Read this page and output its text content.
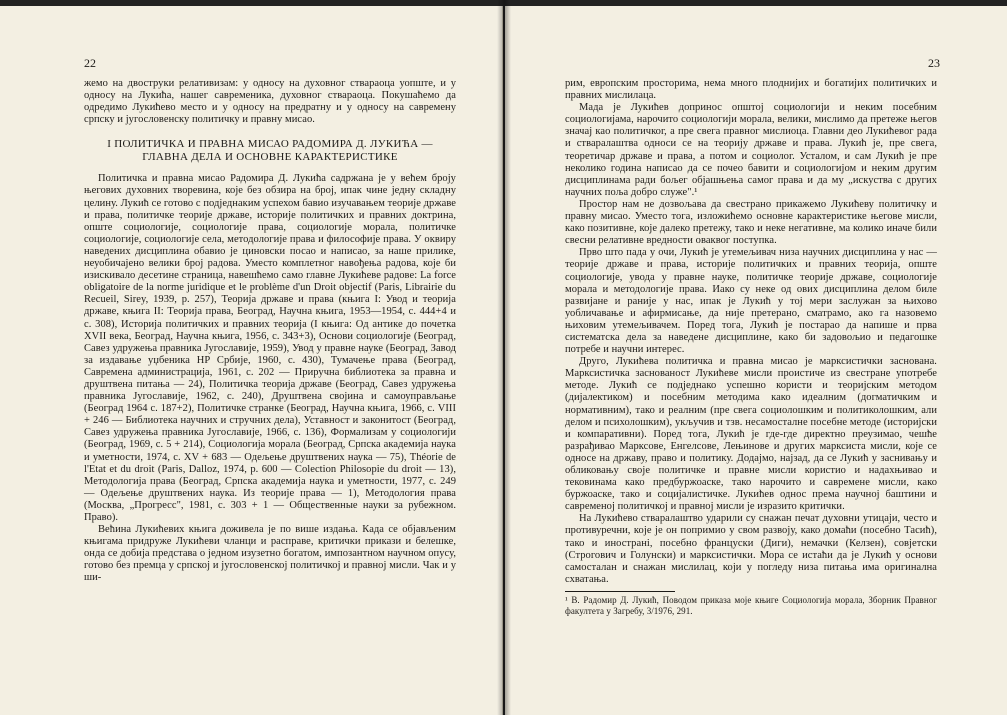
22

жемо на двоструки релативизам: у односу на духовног ствараоца уопште, и у односу на Лукића, нашег савременика, духовног ствараоца. Покушаћемо да одредимо Лукићево место и у односу на предратну и у односу на савремену српску и југословенску политичку и правну мисао.

I ПОЛИТИЧКА И ПРАВНА МИСАО РАДОМИРА Д. ЛУКИЋА —
ГЛАВНА ДЕЛА И ОСНОВНЕ КАРАКТЕРИСТИКЕ

Политичка и правна мисао Радомира Д. Лукића садржана је у већем броју његових духовних творевина, које без обзира на број, ипак чине једну складну целину. Лукић се готово с подједнаким успехом бавио изучавањем теорије државе и права, политичке теорије државе, историје политичких и правних доктрина, опште социологије, социологије права, социологије морала, политичке социологије, социологије села, методологије права и философије права. У оквиру наведених дисциплина обавио је циновски посао и написао, за наше прилике, неуобичајено велики број радова. Уместо комплетног навођења радова, које би изискивало десетине страница, навешћемо само главне Лукићеве радове: La force obligatoire de la norme juridique et le problème d'un Droit objectif (Paris, Librairie du Recueil, Sirey, 1939, p. 257), Теорија државе и права (књига I: Увод и теорија државе, књига II: Теорија права, Београд, Научна књига, 1953—1954, с. 444+4 и с. 308), Историја политичких и правних теорија (I књига: Од антике до почетка XVII века, Београд, Научна књига, 1956, с. 343+3), Основи социологије (Београд, Савез удружења правника Југославије, 1959), Увод у правне науке (Београд, Завод за издавање уџбеника НР Србије, 1960, с. 430), Тумачење права (Београд, Савремена администрација, 1961, с. 202 — Приручна библиотека за правна и друштвена питања — 24), Политичка теорија државе (Београд, Савез удружења правника Југославије, 1962, с. 240), Друштвена својина и самоуправљање (Београд 1964 с. 187+2), Политичке странке (Београд, Научна књига, 1966, с. VIII + 246 — Библиотека научних и стручних дела), Уставност и законитост (Београд, Савез удружења правника Југославије, 1966, с. 136), Формализам у социологији (Београд, 1969, с. 5 + 214), Социологија морала (Београд, Српска академија наука и уметности, 1974, с. XV + 683 — Одељење друштвених наука — 75), Théorie de l'Etat et du droit (Paris, Dalloz, 1974, p. 600 — Colection Philosopie du droit — 13), Методологија права (Београд, Српска академија наука и уметности, 1977, с. 249 — Одељење друштвених наука. Из теорије права — 1), Методология права (Москва, „Прогресс", 1981, с. 303 + 1 — Общественные науки за рубежном. Право).

Већина Лукићевих књига доживела је по више издања. Када се објављеним књигама придруже Лукићеви чланци и расправе, критички прикази и белешке, онда се добија представа о једном изузетно богатом, импозантном научном опусу, готово без премца у српској и југословенској политичкој и правној мисли. Чак и у ши-

23

рим, европским просторима, нема много плоднијих и богатијих политичких и правних мислилаца.

Мада је Лукићев допринос општој социологији и неким посебним социологијама, нарочито социологији морала, велики, мислимо да претеже његов значај као политичког, а пре свега правног мислиоца. Главни део Лукићевог рада и стваралаштва односи се на теорију државе и права. Лукић је, пре свега, теоретичар државе и права, а потом и социолог. Усталом, и сам Лукић је пре неколико година написао да се почео бавити и социологијом и неким другим дисциплинама ради бољег објашњења самог права и да му „искуства с других научних поља добро служе".¹

Простор нам не дозвољава да свестрано прикажемо Лукићеву политичку и правну мисао. Уместо тога, изложићемо основне карактеристике његове мисли, како позитивне, које далеко претежу, тако и неке негативне, ма колико иначе били свесни релативне вредности оваквог поступка.

Прво што пада у очи, Лукић је утемељивач низа научних дисциплина у нас — теорије државе и права, историје политичких и правних теорија, опште социологије, увода у правне науке, политичке теорије државе, социологије морала и методологије права. Иако су неке од ових дисциплина делом биле развијане и раније у нас, ипак је Лукић у тој мери заслужан за њихово уобличавање и афирмисање, да није претерано, сматрамо, ако га назовемо њиховим утемељивачем. Поред тога, Лукић је постарао да напише и прва систематска дела за наведене дисциплине, како би задовољио и педагошке потребе и научни интерес.

Друго, Лукићева политичка и правна мисао је марксистички заснована. Марксистичка заснованост Лукићеве мисли проистиче из свестране употребе методе. Лукић се подједнако успешно користи и теоријским методом (дијалектиком) и посебним методима како идеалним (догматичким и нормативним), тако и реалним (пре свега социолошким и политиколошким, али делом и психолошким), укључив и тзв. несамосталне посебне методе (историјски и компаративни). Поред тога, Лукић је где-где директно преузимао, чешће разрађивао Марксове, Енгелсове, Лењинове и других марксиста мисли, које се односе на државу, право и политику. Додајмо, најзад, да се Лукић у заснивању и обликовању своје политичке и правне мисли користио и надахњивао и тековинама како предбуржоаске, тако нарочито и савремене мисли, како буржоаске, тако и социјалистичке. Лукићев однос према научној баштини и савременој политичкој и правној мисли је изразито критички.

На Лукићево стваралаштво ударили су снажан печат духовни утицаји, често и противуречни, које је он попримио у свом развоју, како домаћи (посебно Тасић), тако и иностранi, посебно француски (Диги), немачки (Келзен), совјетски (Строгович и Голунски) и марксистички. Мора се истаћи да је Лукић у основи самосталан и снажан мислилац, који у погледу низа питања има оригинална схватања.

¹ В. Радомир Д. Лукић, Поводом приказа моје књиге Социологија морала, Зборник Правног факултета у Загребу, 3/1976, 291.
